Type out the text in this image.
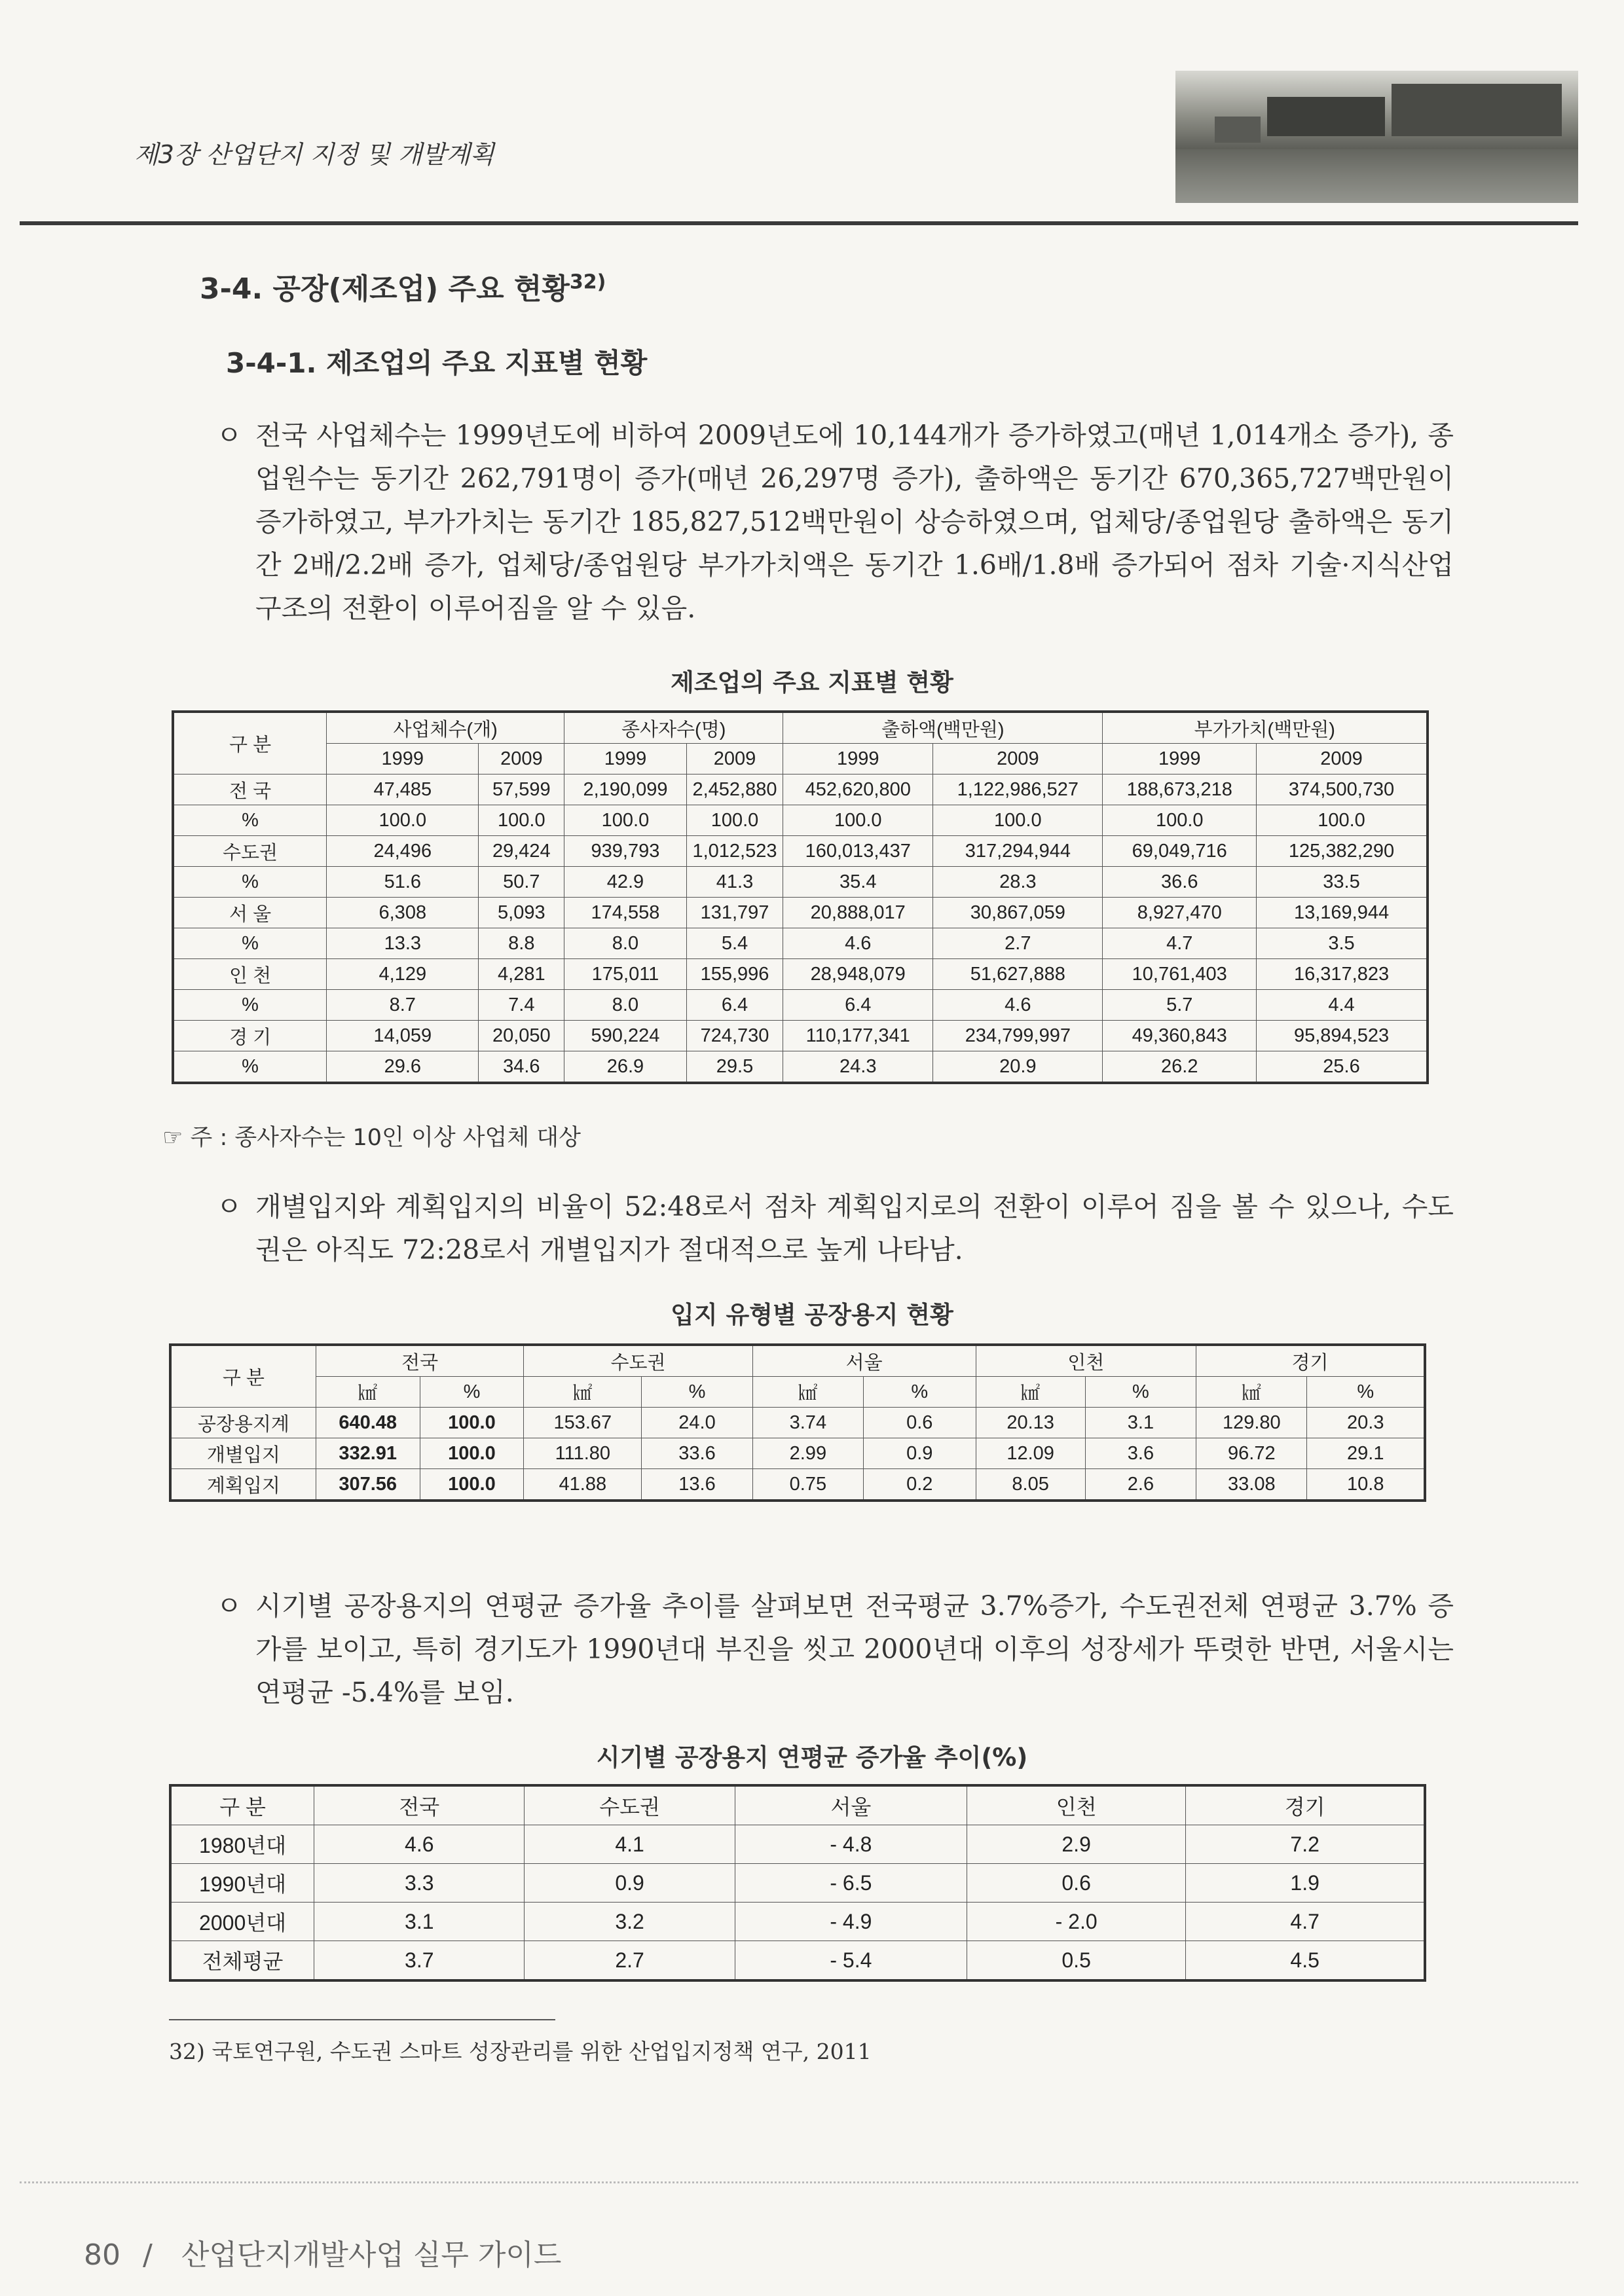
제3장 산업단지 지정 및 개발계획
3-4. 공장(제조업) 주요 현황$^{32)}$
3-4-1. 제조업의 주요 지표별 현황
ㅇ 전국 사업체수는 1999년도에 비하여 2009년도에 10,144개가 증가하였고(매년 1,014개소 증가), 종업원수는 동기간 262,791명이 증가(매년 26,297명 증가), 출하액은 동기간 670,365,727백만원이 증가하였고, 부가가치는 동기간 185,827,512백만원이 상승하였으며, 업체당/종업원당 출하액은 동기간 2배/2.2배 증가, 업체당/종업원당 부가가치액은 동기간 1.6배/1.8배 증가되어 점차 기술·지식산업구조의 전환이 이루어짐을 알 수 있음.
제조업의 주요 지표별 현황
구 분	사업체수(개)		종사자수(명)		출하액(백만원)		부가가치(백만원)	
	1999	2009	1999	2009	1999	2009	1999	2009
전 국	47,485	57,599	2,190,099	2,452,880	452,620,800	1,122,986,527	188,673,218	374,500,730
%	100.0	100.0	100.0	100.0	100.0	100.0	100.0	100.0
수도권	24,496	29,424	939,793	1,012,523	160,013,437	317,294,944	69,049,716	125,382,290
%	51.6	50.7	42.9	41.3	35.4	28.3	36.6	33.5
서 울	6,308	5,093	174,558	131,797	20,888,017	30,867,059	8,927,470	13,169,944
%	13.3	8.8	8.0	5.4	4.6	2.7	4.7	3.5
인 천	4,129	4,281	175,011	155,996	28,948,079	51,627,888	10,761,403	16,317,823
%	8.7	7.4	8.0	6.4	6.4	4.6	5.7	4.4
경 기	14,059	20,050	590,224	724,730	110,177,341	234,799,997	49,360,843	95,894,523
%	29.6	34.6	26.9	29.5	24.3	20.9	26.2	25.6
☞ 주 : 종사자수는 10인 이상 사업체 대상
ㅇ 개별입지와 계획입지의 비율이 52:48로서 점차 계획입지로의 전환이 이루어 짐을 볼 수 있으나, 수도권은 아직도 72:28로서 개별입지가 절대적으로 높게 나타남.
입지 유형별 공장용지 현황
구 분	전국		수도권		서울		인천		경기	
	㎢	%	㎢	%	㎢	%	㎢	%	㎢	%
공장용지계	640.48	100.0	153.67	24.0	3.74	0.6	20.13	3.1	129.80	20.3
개별입지	332.91	100.0	111.80	33.6	2.99	0.9	12.09	3.6	96.72	29.1
계획입지	307.56	100.0	41.88	13.6	0.75	0.2	8.05	2.6	33.08	10.8
ㅇ 시기별 공장용지의 연평균 증가율 추이를 살펴보면 전국평균 3.7%증가, 수도권전체 연평균 3.7% 증가를 보이고, 특히 경기도가 1990년대 부진을 씻고 2000년대 이후의 성장세가 뚜렷한 반면, 서울시는 연평균 -5.4%를 보임.
시기별 공장용지 연평균 증가율 추이(%)
구 분	전국	수도권	서울	인천	경기
1980년대	4.6	4.1	- 4.8	2.9	7.2
1990년대	3.3	0.9	- 6.5	0.6	1.9
2000년대	3.1	3.2	- 4.9	- 2.0	4.7
전체평균	3.7	2.7	- 5.4	0.5	4.5
32) 국토연구원, 수도권 스마트 성장관리를 위한 산업입지정책 연구, 2011
80 / 산업단지개발사업 실무 가이드
